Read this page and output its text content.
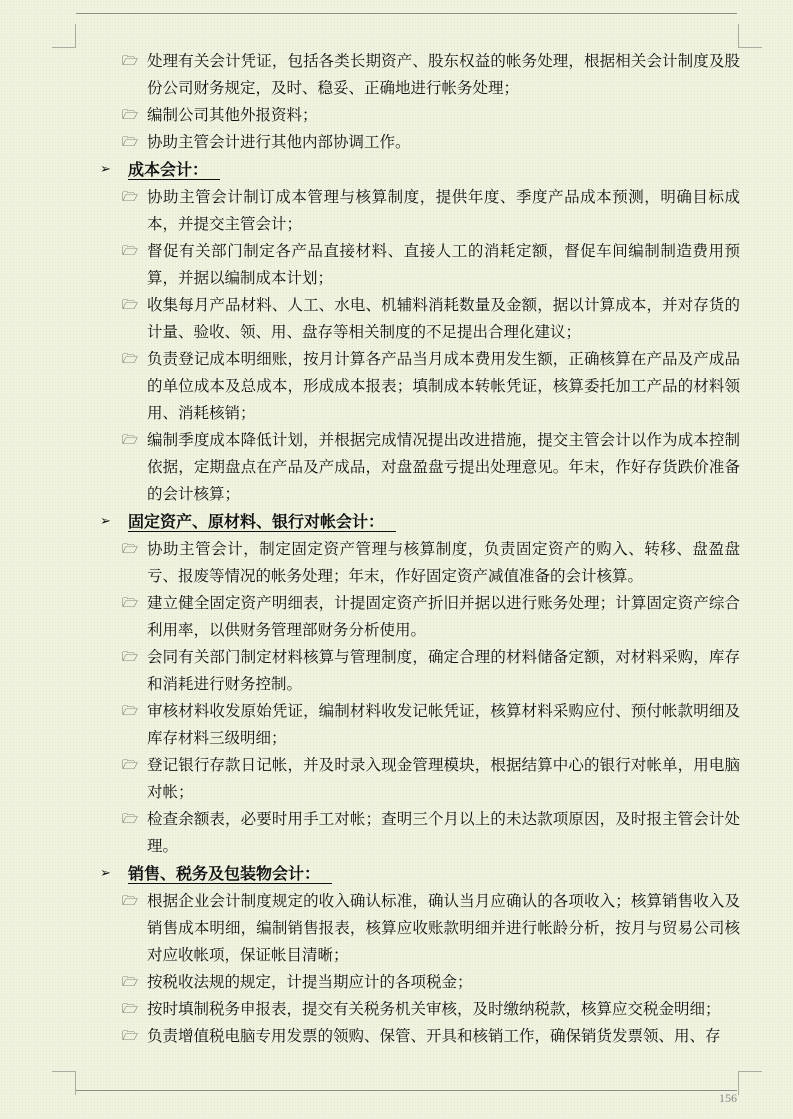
🗁 处理有关会计凭证，包括各类长期资产、股东权益的帐务处理，根据相关会计制度及股份公司财务规定，及时、稳妥、正确地进行帐务处理；
🗁 编制公司其他外报资料；
🗁 协助主管会计进行其他内部协调工作。
➢ 成本会计：
🗁 协助主管会计制订成本管理与核算制度，提供年度、季度产品成本预测，明确目标成本，并提交主管会计；
🗁 督促有关部门制定各产品直接材料、直接人工的消耗定额，督促车间编制制造费用预算，并据以编制成本计划；
🗁 收集每月产品材料、人工、水电、机辅料消耗数量及金额，据以计算成本，并对存货的计量、验收、领、用、盘存等相关制度的不足提出合理化建议；
🗁 负责登记成本明细账，按月计算各产品当月成本费用发生额，正确核算在产品及产成品的单位成本及总成本，形成成本报表；填制成本转帐凭证，核算委托加工产品的材料领用、消耗核销；
🗁 编制季度成本降低计划，并根据完成情况提出改进措施，提交主管会计以作为成本控制依据，定期盘点在产品及产成品，对盘盈盘亏提出处理意见。年末，作好存货跌价准备的会计核算；
➢ 固定资产、原材料、银行对帐会计：
🗁 协助主管会计，制定固定资产管理与核算制度，负责固定资产的购入、转移、盘盈盘亏、报废等情况的帐务处理；年末，作好固定资产减值准备的会计核算。
🗁 建立健全固定资产明细表，计提固定资产折旧并据以进行账务处理；计算固定资产综合利用率，以供财务管理部财务分析使用。
🗁 会同有关部门制定材料核算与管理制度，确定合理的材料储备定额，对材料采购，库存和消耗进行财务控制。
🗁 审核材料收发原始凭证，编制材料收发记帐凭证，核算材料采购应付、预付帐款明细及库存材料三级明细；
🗁 登记银行存款日记帐，并及时录入现金管理模块，根据结算中心的银行对帐单，用电脑对帐；
🗁 检查余额表，必要时用手工对帐；查明三个月以上的未达款项原因，及时报主管会计处理。
➢ 销售、税务及包装物会计：
🗁 根据企业会计制度规定的收入确认标准，确认当月应确认的各项收入；核算销售收入及销售成本明细，编制销售报表，核算应收账款明细并进行帐龄分析，按月与贸易公司核对应收帐项，保证帐目清晰；
🗁 按税收法规的规定，计提当期应计的各项税金；
🗁 按时填制税务申报表，提交有关税务机关审核，及时缴纳税款，核算应交税金明细；
🗁 负责增值税电脑专用发票的领购、保管、开具和核销工作，确保销货发票领、用、存
156
